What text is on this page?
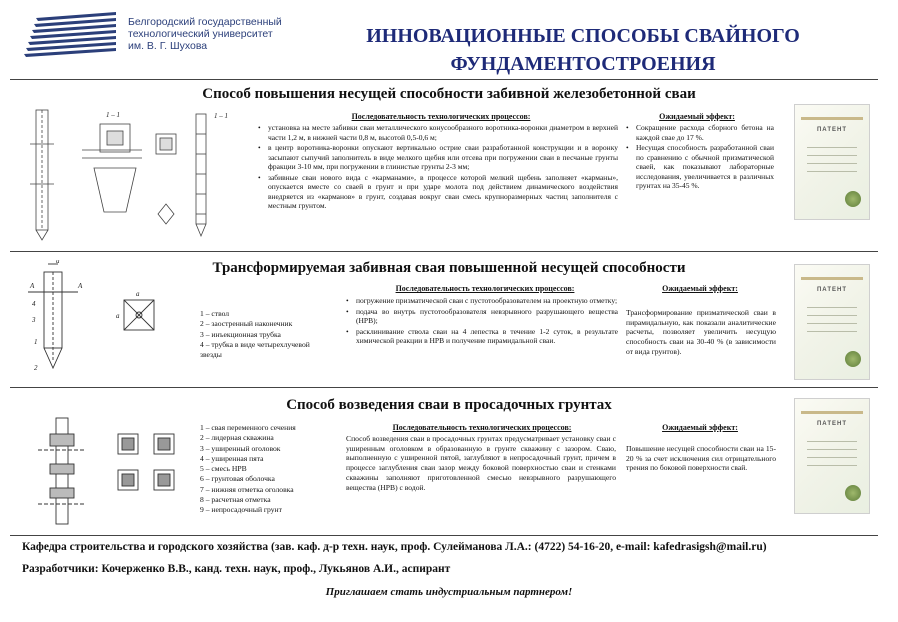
Белгородский государственный
технологический университет
им. В. Г. Шухова	ИННОВАЦИОННЫЕ СПОСОБЫ СВАЙНОГО
ФУНДАМЕНТОСТРОЕНИЯ
Способ повышения несущей способности забивной железобетонной сваи
1 – 1	1 – 1	Последовательность технологических процессов:
• установка на месте забивки сваи металлического конусообразного воротника-воронки диаметром в верхней части 1,2 м, в нижней части 0,8 м, высотой 0,5-0,6 м;
• в центр воротника-воронки опускают вертикально острие сваи разработанной конструкции и в воронку засыпают сыпучий заполнитель в виде мелкого щебня или отсева при погружении сваи в песчаные грунты фракции 3-10 мм, при погружении в глинистые грунты 2-3 мм;
• забивные сваи нового вида с «карманами», в процессе которой мелкий щебень заполняет «карманы», опускается вместе со сваей в грунт и при ударе молота под действием динамического воздействия внедряется из «карманов» в грунт, создавая вокруг сваи смесь крупноразмерных частиц заполнителя с местным грунтом.
Ожидаемый эффект:
• Сокращение расхода сборного бетона на каждой свае до 17 %.
• Несущая способность разработанной сваи по сравнению с обычной призматической сваей, как показывают лабораторные исследования, увеличивается в различных грунтах на 35-45 %.
ПАТЕНТ
Трансформируемая забивная свая повышенной несущей способности
А	А
d
а
а
1
2
3
4
1 – ствол
2 – заостренный наконечник
3 – инъекционная трубка
4 – трубка в виде четырехлучевой
звезды
Последовательность технологических процессов:
• погружение призматической сваи с пустотообразователем на проектную отметку;
• подача во внутрь пустотообразователя невзрывного разрушающего вещества (НРВ);
• расклинивание ствола сваи на 4 лепестка в течение 1-2 суток, в результате химической реакции в НРВ и получение пирамидальной сваи.
Ожидаемый эффект:
Трансформирование призматической сваи в пирамидальную, как показали аналитические расчеты, позволяет увеличить несущую способность сваи на 30-40 % (в зависимости от вида грунтов).
ПАТЕНТ
Способ возведения сваи в просадочных грунтах
1 – свая переменного сечения
2 – лидерная скважина
3 – уширенный оголовок
4 – уширенная пята
5 – смесь НРВ
6 – грунтовая оболочка
7 – нижняя отметка оголовка
8 – расчетная отметка
9 – непросадочный грунт
Последовательность технологических процессов:
Способ возведения сваи в просадочных грунтах предусматривает установку сваи с уширенным оголовком в образованную в грунте скважину с зазором. Сваю, выполненную с уширенной пятой, заглубляют в непросадочный грунт, причем в процессе заглубления сваи зазор между боковой поверхностью сваи и стенками скважины заполняют приготовленной смесью невзрывного разрушающего вещества (НРВ) с водой.
Ожидаемый эффект:
Повышение несущей способности сваи на 15-20 % за счет исключения сил отрицательного трения по боковой поверхности свай.
ПАТЕНТ
Кафедра строительства и городского хозяйства (зав. каф. д-р техн. наук, проф. Сулейманова Л.А.: (4722) 54-16-20, e-mail: kafedrasigsh@mail.ru)
Разработчики: Кочерженко В.В., канд. техн. наук, проф., Лукьянов А.И., аспирант
Приглашаем стать индустриальным партнером!
